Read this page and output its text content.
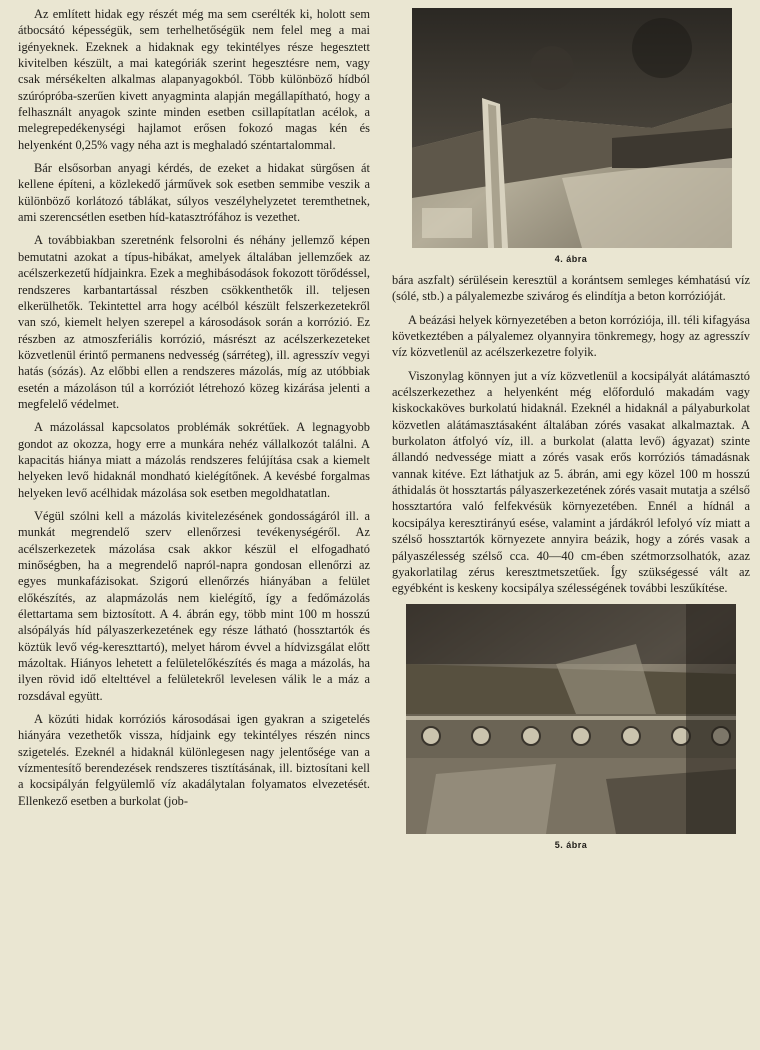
Az említett hidak egy részét még ma sem cserélték ki, holott sem átbocsátó képességük, sem terhelhetőségük nem felel meg a mai igényeknek. Ezeknek a hidaknak egy tekintélyes része hegesztett kivitelben készült, a mai kategóriák szerint hegesztésre nem, vagy csak mérsékelten alkalmas alapanyagokból. Több különböző hídból szúrópróba-szerűen kivett anyagminta alapján megállapítható, hogy a felhasznált anyagok szinte minden esetben csillapítatlan acélok, a melegrepedékenységi hajlamot erősen fokozó magas kén és helyenként 0,25% vagy néha azt is meghaladó széntartalommal.

Bár elsősorban anyagi kérdés, de ezeket a hidakat sürgősen át kellene építeni, a közlekedő járművek sok esetben semmibe veszik a különböző korlátozó táblákat, súlyos veszélyhelyzetet teremthetnek, ami szerencsétlen esetben híd-katasztrófához is vezethet.

A továbbiakban szeretnénk felsorolni és néhány jellemző képen bemutatni azokat a típus-hibákat, amelyek általában jellemzőek az acélszerkezetű hídjainkra. Ezek a meghibásodások fokozott törődéssel, rendszeres karbantartással részben csökkenthetők ill. teljesen elkerülhetők. Tekintettel arra hogy acélból készült felszerkezetekről van szó, kiemelt helyen szerepel a károsodások során a korrózió. Ez részben az atmoszferiális korrózió, másrészt az acélszerkezeteket közvetlenül érintő permanens nedvesség (sárréteg), ill. agresszív vegyi hatás (sózás). Az előbbi ellen a rendszeres mázolás, míg az utóbbiak esetén a mázoláson túl a korróziót létrehozó közeg kizárása jelenti a megfelelő védelmet.

A mázolással kapcsolatos problémák sokrétűek. A legnagyobb gondot az okozza, hogy erre a munkára nehéz vállalkozót találni. A kapacitás hiánya miatt a mázolás rendszeres felújítása csak a kiemelt helyeken levő hidaknál mondható kielégítőnek. A kevésbé forgalmas helyeken levő acélhidak mázolása sok esetben megoldhatatlan.

Végül szólni kell a mázolás kivitelezésének gondosságáról ill. a munkát megrendelő szerv ellenőrzesi tevékenységéről. Az acélszerkezetek mázolása csak akkor készül el elfogadható minőségben, ha a megrendelő napról-napra gondosan ellenőrzi az egyes munkafázisokat. Szigorú ellenőrzés hiányában a felület előkészítés, az alapmázolás nem kielégítő, így a fedőmázolás élettartama sem biztosított. A 4. ábrán egy, több mint 100 m hosszú alsópályás híd pályaszerkezetének egy része látható (hossztartók és köztük levő vég-kereszttartó), melyet három évvel a hídvizsgálat előtt mázoltak. Hiányos lehetett a felületelőkészítés és maga a mázolás, ha ilyen rövid idő eltelttével a felületekről levelesen válik le a máz a rozsdával együtt.

A közúti hidak korróziós károsodásai igen gyakran a szigetelés hiányára vezethetők vissza, hídjaink egy tekintélyes részén nincs szigetelés. Ezeknél a hidaknál különlegesen nagy jelentősége van a vízmentesítő berendezések rendszeres tisztításának, ill. biztosítani kell a kocsipályán felgyülemlő víz akadálytalan folyamatos elvezetését. Ellenkező esetben a burkolat (job-

4. ábra

bára aszfalt) sérülésein keresztül a korántsem semleges kémhatású víz (sólé, stb.) a pályalemezbe szivárog és elindítja a beton korrózióját.

A beázási helyek környezetében a beton korróziója, ill. téli kifagyása következtében a pályalemez olyannyira tönkremegy, hogy az agresszív víz közvetlenül az acélszerkezetre folyik.

Viszonylag könnyen jut a víz közvetlenül a kocsipályát alátámasztó acélszerkezethez a helyenként még előforduló makadám vagy kiskockaköves burkolatú hidaknál. Ezeknél a hidaknál a pályaburkolat közvetlen alátámasztásaként általában zórés vasakat alkalmaztak. A burkolaton átfolyó víz, ill. a burkolat (alatta levő) ágyazat) szinte állandó nedvessége miatt a zórés vasak erős korróziós támadásnak vannak kitéve. Ezt láthatjuk az 5. ábrán, ami egy közel 100 m hosszú áthidalás öt hossztartás pályaszerkezetének zórés vasait mutatja a szélső hossztartóra való felfekvésük környezetében. Ennél a hídnál a kocsipálya keresztirányú esése, valamint a járdákról lefolyó víz miatt a szélső hossztartók környezete annyira beázik, hogy a zórés vasak a pályaszélesség szélső cca. 40—40 cm-ében szétmorzsolhatók, azaz gyakorlatilag zérus keresztmetszetűek. Így szükségessé vált az egyébként is keskeny kocsipálya szélességének további leszűkítése.

5. ábra
